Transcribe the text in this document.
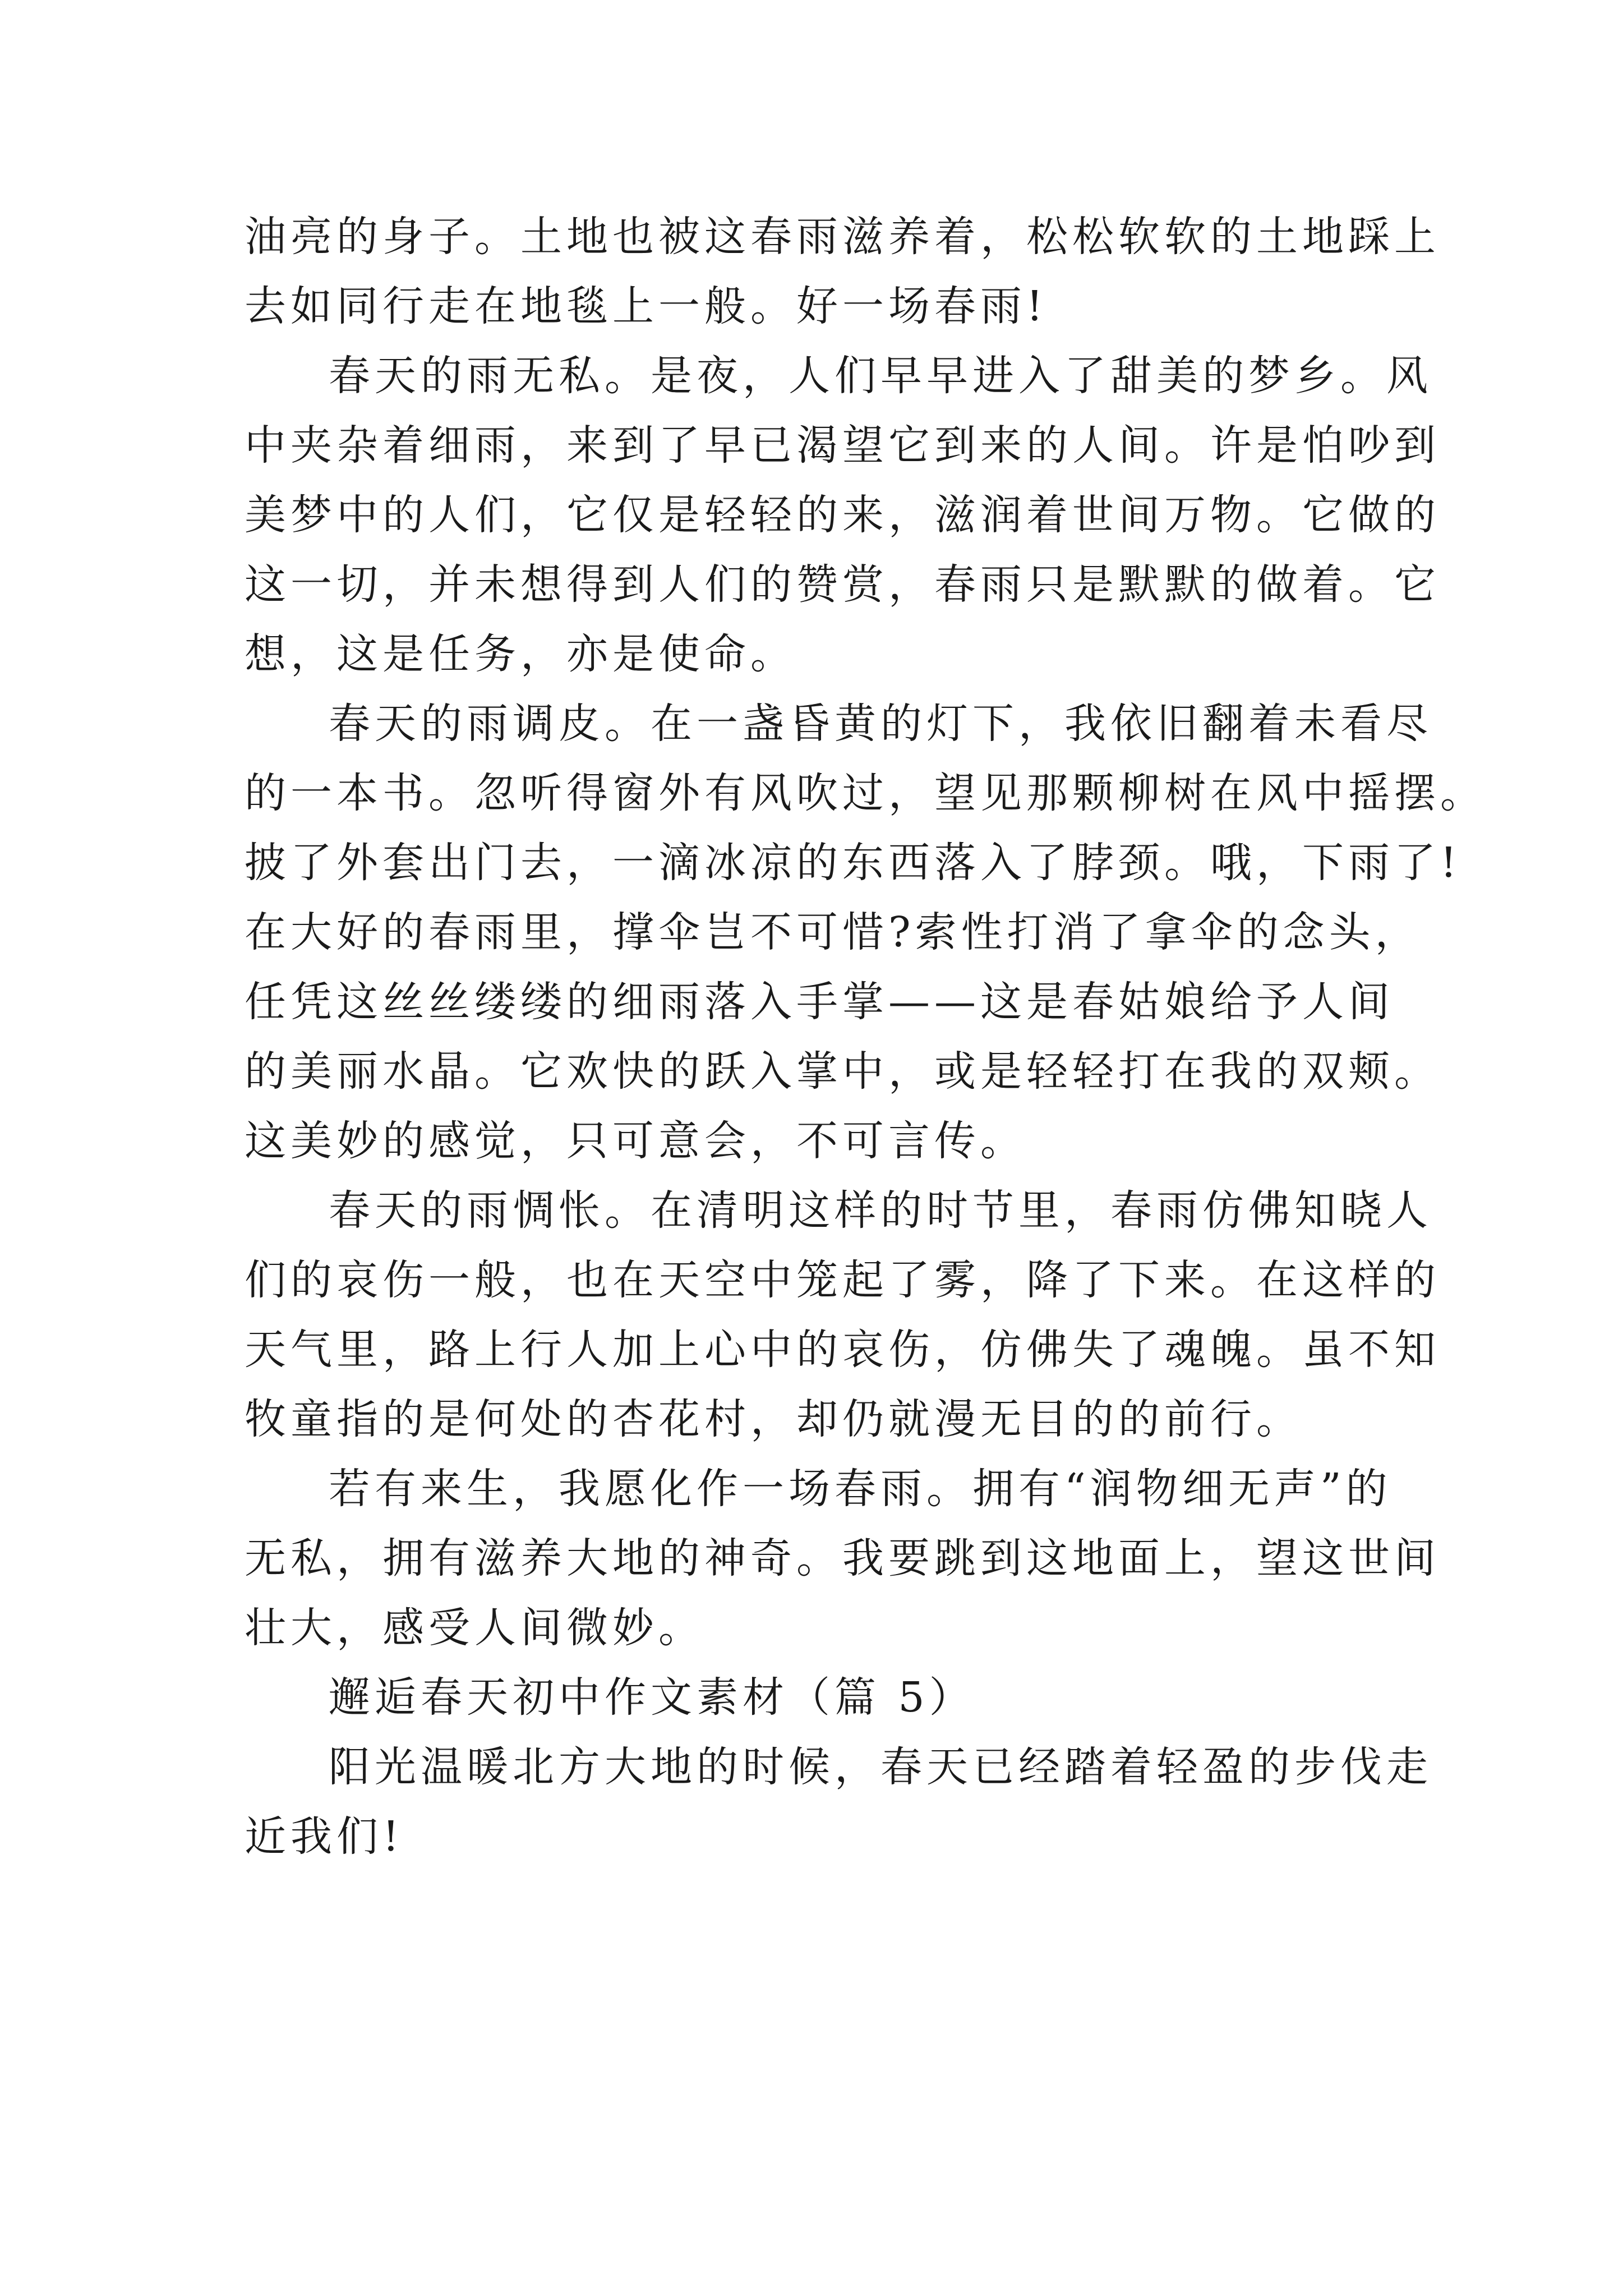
油亮的身子。土地也被这春雨滋养着，松松软软的土地踩上
去如同行走在地毯上一般。好一场春雨!
春天的雨无私。是夜，人们早早进入了甜美的梦乡。风
中夹杂着细雨，来到了早已渴望它到来的人间。许是怕吵到
美梦中的人们，它仅是轻轻的来，滋润着世间万物。它做的
这一切，并未想得到人们的赞赏，春雨只是默默的做着。它
想，这是任务，亦是使命。
春天的雨调皮。在一盏昏黄的灯下，我依旧翻着未看尽
的一本书。忽听得窗外有风吹过，望见那颗柳树在风中摇摆。
披了外套出门去，一滴冰凉的东西落入了脖颈。哦，下雨了!
在大好的春雨里，撑伞岂不可惜?索性打消了拿伞的念头，
任凭这丝丝缕缕的细雨落入手掌——这是春姑娘给予人间
的美丽水晶。它欢快的跃入掌中，或是轻轻打在我的双颊。
这美妙的感觉，只可意会，不可言传。
春天的雨惆怅。在清明这样的时节里，春雨仿佛知晓人
们的哀伤一般，也在天空中笼起了雾，降了下来。在这样的
天气里，路上行人加上心中的哀伤，仿佛失了魂魄。虽不知
牧童指的是何处的杏花村，却仍就漫无目的的前行。
若有来生，我愿化作一场春雨。拥有“润物细无声”的
无私，拥有滋养大地的神奇。我要跳到这地面上，望这世间
壮大，感受人间微妙。
邂逅春天初中作文素材（篇 5）
阳光温暖北方大地的时候，春天已经踏着轻盈的步伐走
近我们!
